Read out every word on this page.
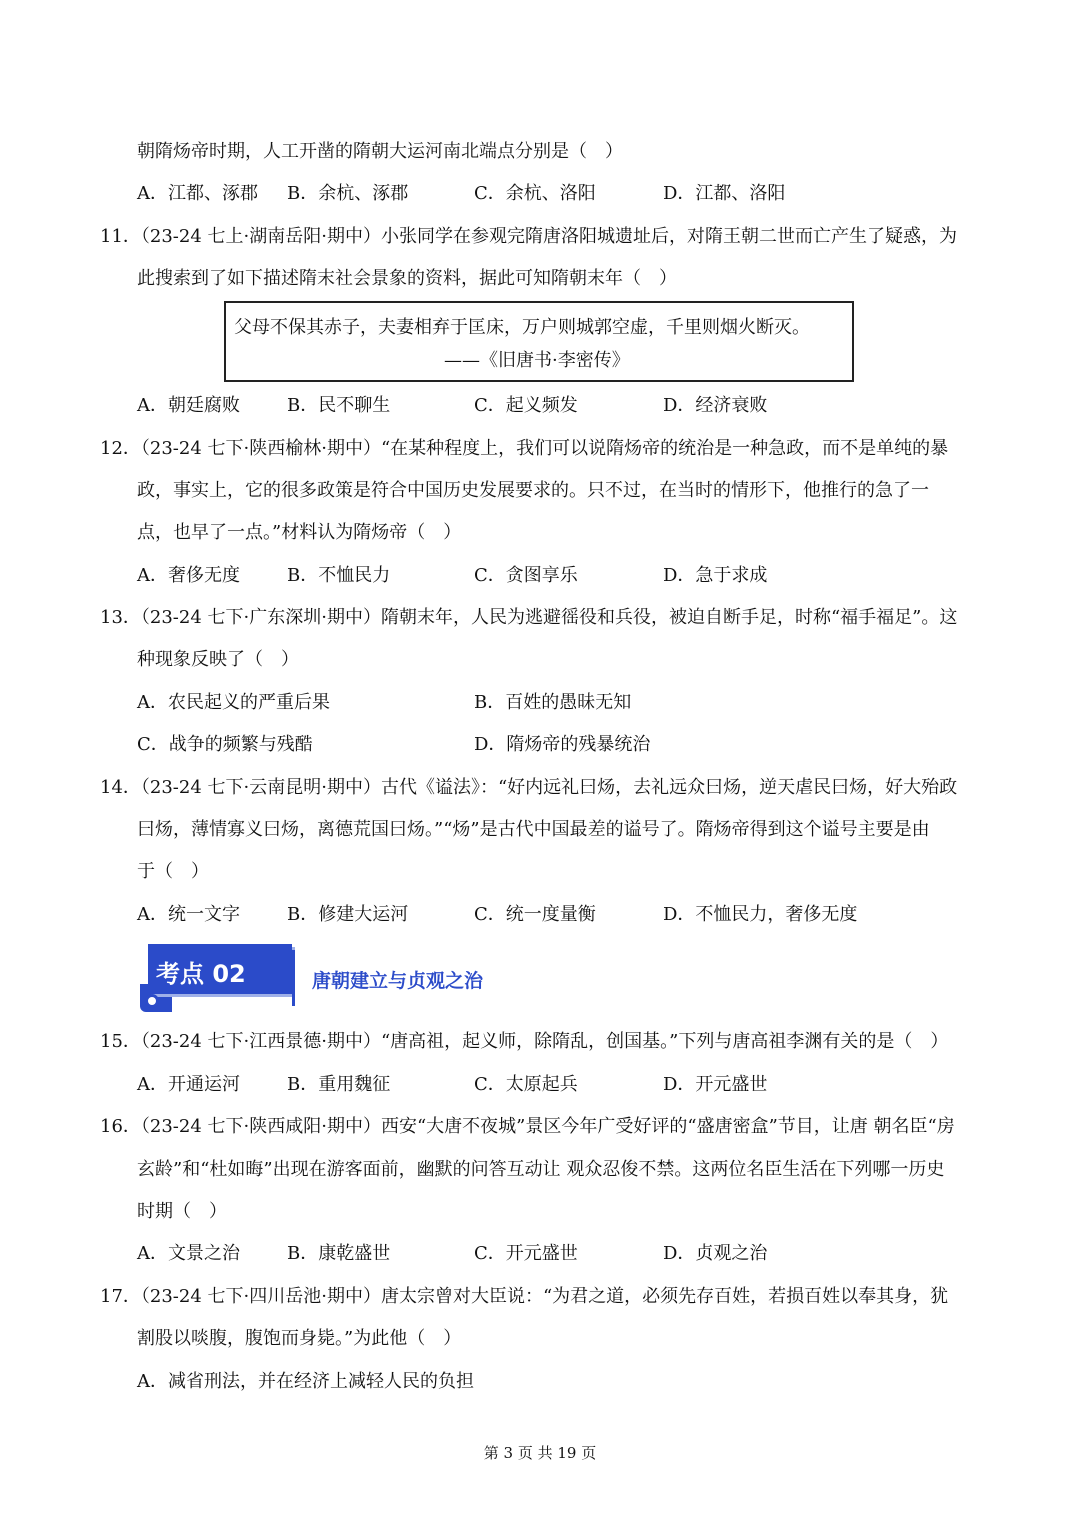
朝隋炀帝时期，人工开凿的隋朝大运河南北端点分别是（　）
A．江都、涿郡 B．余杭、涿郡	C．余杭、洛阳	D．江都、洛阳
11．（23-24 七上·湖南岳阳·期中）小张同学在参观完隋唐洛阳城遗址后，对隋王朝二世而亡产生了疑惑，为
此搜索到了如下描述隋末社会景象的资料，据此可知隋朝末年（　）
父母不保其赤子，夫妻相弃于匡床，万户则城郭空虚，千里则烟火断灭。
——《旧唐书·李密传》
A．朝廷腐败	B．民不聊生	C．起义频发	D．经济衰败
12．（23-24 七下·陕西榆林·期中）“在某种程度上，我们可以说隋炀帝的统治是一种急政，而不是单纯的暴
政，事实上，它的很多政策是符合中国历史发展要求的。只不过，在当时的情形下，他推行的急了一
点，也早了一点。”材料认为隋炀帝（　）
A．奢侈无度	B．不恤民力	C．贪图享乐	D．急于求成
13．（23-24 七下·广东深圳·期中）隋朝末年，人民为逃避徭役和兵役，被迫自断手足，时称“福手福足”。这
种现象反映了（　）
A．农民起义的严重后果	B．百姓的愚昧无知
C．战争的频繁与残酷	D．隋炀帝的残暴统治
14．（23-24 七下·云南昆明·期中）古代《谥法》：“好内远礼曰炀，去礼远众曰炀，逆天虐民曰炀，好大殆政
曰炀，薄情寡义曰炀，离德荒国曰炀。”“炀”是古代中国最差的谥号了。隋炀帝得到这个谥号主要是由
于（　）
A．统一文字	B．修建大运河	C．统一度量衡	D．不恤民力，奢侈无度
考点 02	唐朝建立与贞观之治
15．（23-24 七下·江西景德·期中）“唐高祖，起义师，除隋乱，创国基。”下列与唐高祖李渊有关的是（　）
A．开通运河	B．重用魏征	C．太原起兵	D．开元盛世
16．（23-24 七下·陕西咸阳·期中）西安“大唐不夜城”景区今年广受好评的“盛唐密盒”节目，让唐 朝名臣“房
玄龄”和“杜如晦”出现在游客面前，幽默的问答互动让 观众忍俊不禁。这两位名臣生活在下列哪一历史
时期（　）
A．文景之治	B．康乾盛世	C．开元盛世	D．贞观之治
17．（23-24 七下·四川岳池·期中）唐太宗曾对大臣说：“为君之道，必须先存百姓，若损百姓以奉其身，犹
割股以啖腹，腹饱而身毙。”为此他（　）
A．减省刑法，并在经济上减轻人民的负担
第 3 页 共 19 页
